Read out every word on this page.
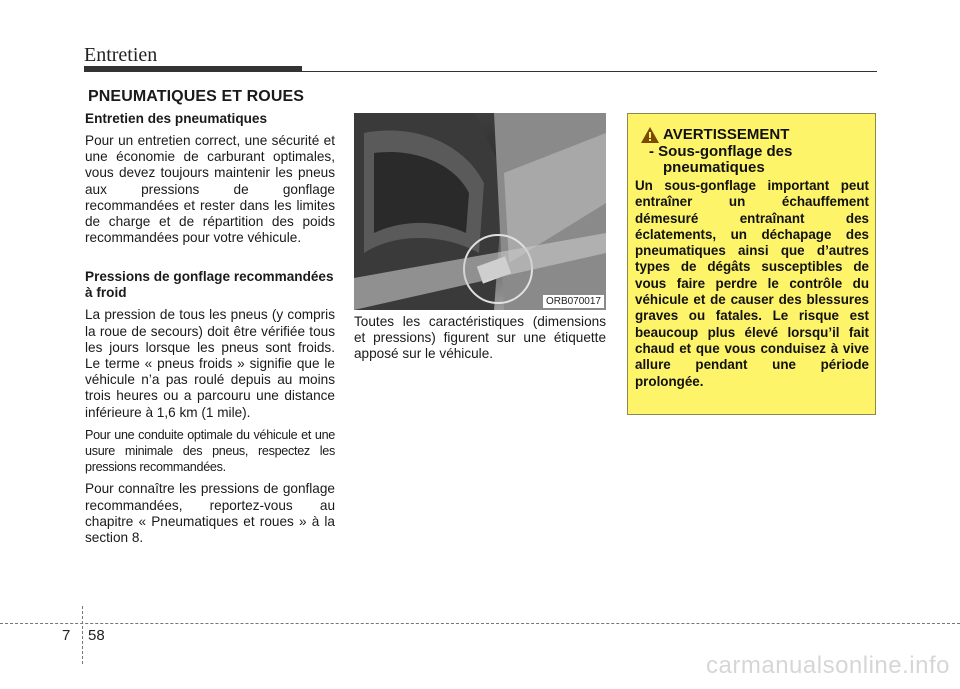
Entretien
PNEUMATIQUES ET ROUES
Entretien des pneumatiques

Pour un entretien correct, une sécurité et une économie de carburant optimales, vous devez toujours maintenir les pneus aux pressions de gonflage recommandées et rester dans les limites de charge et de répartition des poids recommandées pour votre véhicule.

Pressions de gonflage recommandées à froid

La pression de tous les pneus (y compris la roue de secours) doit être vérifiée tous les jours lorsque les pneus sont froids. Le terme « pneus froids » signifie que le véhicule n’a pas roulé depuis au moins trois heures ou a parcouru une distance inférieure à 1,6 km (1 mile).

Pour une conduite optimale du véhicule et une usure minimale des pneus, respectez les pressions recommandées.

Pour connaître les pressions de gonflage recommandées, reportez-vous au chapitre « Pneumatiques et roues » à la section 8.

ORB070017

Toutes les caractéristiques (dimensions et pressions) figurent sur une étiquette apposé sur le véhicule.

AVERTISSEMENT
- Sous-gonflage des pneumatiques

Un sous-gonflage important peut entraîner un échauffement démesuré entraînant des éclatements, un déchapage des pneumatiques ainsi que d’autres types de dégâts susceptibles de vous faire perdre le contrôle du véhicule et de causer des blessures graves ou fatales. Le risque est beaucoup plus élevé lorsqu’il fait chaud et que vous conduisez à vive allure pendant une période prolongée.

7 58
carmanualsonline.info
